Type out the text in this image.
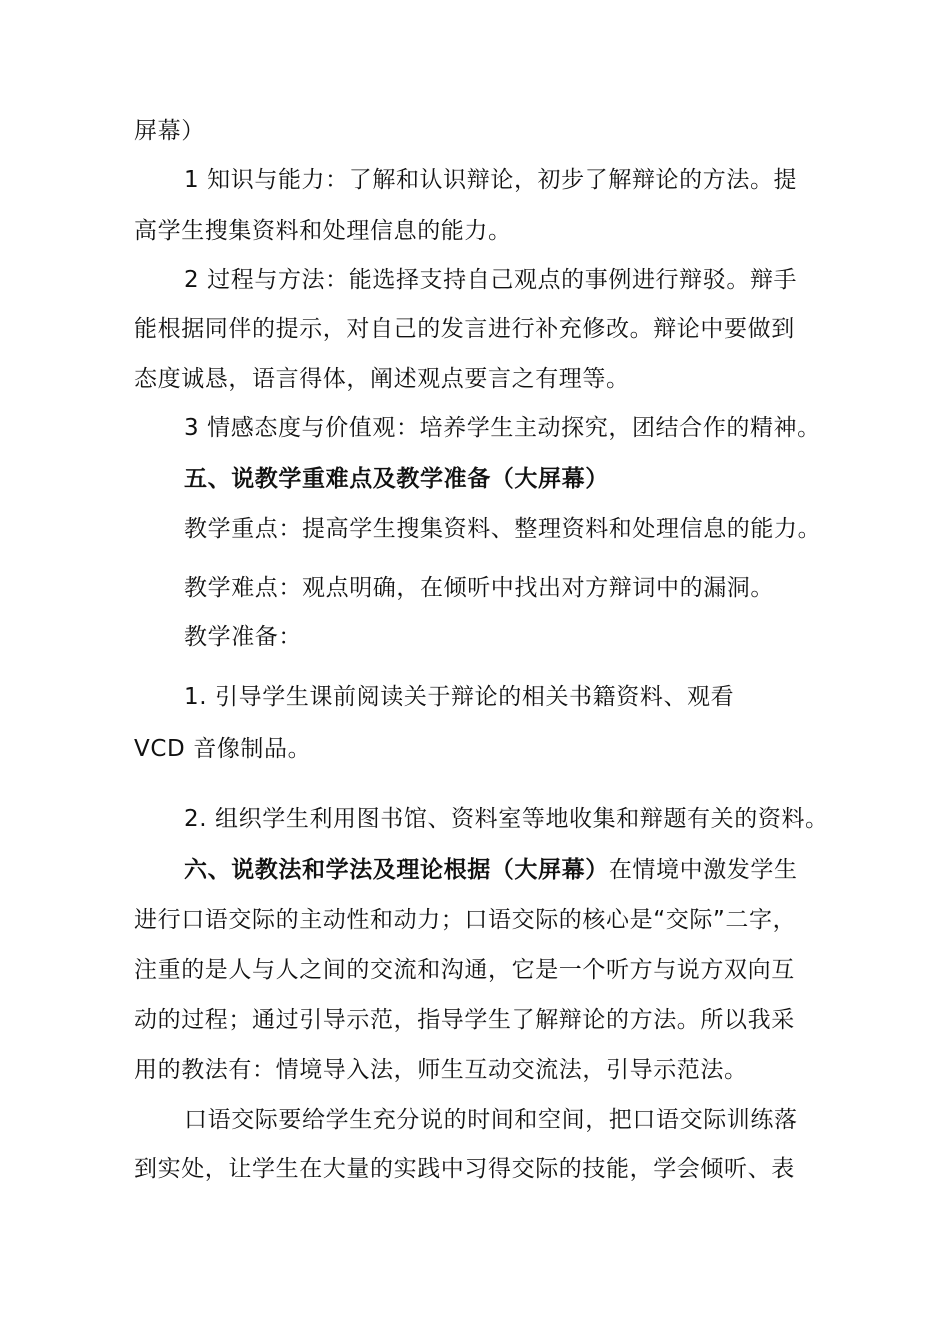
屏幕）
1 知识与能力：了解和认识辩论，初步了解辩论的方法。提
高学生搜集资料和处理信息的能力。
2 过程与方法：能选择支持自己观点的事例进行辩驳。辩手
能根据同伴的提示，对自己的发言进行补充修改。辩论中要做到
态度诚恳，语言得体，阐述观点要言之有理等。
3 情感态度与价值观：培养学生主动探究，团结合作的精神。
五、说教学重难点及教学准备（大屏幕）
教学重点：提高学生搜集资料、整理资料和处理信息的能力。
教学难点：观点明确，在倾听中找出对方辩词中的漏洞。
教学准备：
1. 引导学生课前阅读关于辩论的相关书籍资料、观看
VCD 音像制品。
2. 组织学生利用图书馆、资料室等地收集和辩题有关的资料。
六、说教法和学法及理论根据（大屏幕）在情境中激发学生
进行口语交际的主动性和动力；口语交际的核心是“交际”二字，
注重的是人与人之间的交流和沟通，它是一个听方与说方双向互
动的过程；通过引导示范，指导学生了解辩论的方法。所以我采
用的教法有：情境导入法，师生互动交流法，引导示范法。
口语交际要给学生充分说的时间和空间，把口语交际训练落
到实处，让学生在大量的实践中习得交际的技能，学会倾听、表
